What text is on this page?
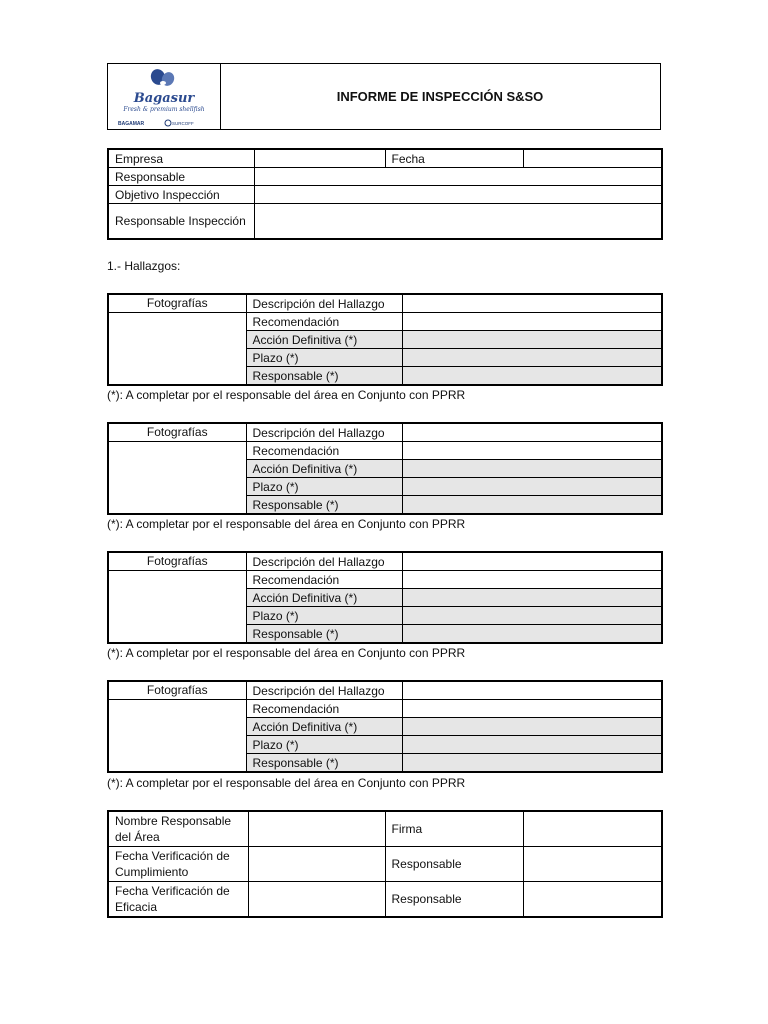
Bagasur
Fresh & premium shellfish
BAGAMAR	SURCOFF
INFORME DE INSPECCIÓN S&SO
Empresa		Fecha	
Responsable			
Objetivo Inspección			
Responsable Inspección			
1.- Hallazgos:
Fotografías	Descripción del Hallazgo	
	Recomendación	
	Acción Definitiva (*)	
	Plazo (*)	
	Responsable (*)	
(*): A completar por el responsable del área en Conjunto con PPRR
Fotografías	Descripción del Hallazgo	
	Recomendación	
	Acción Definitiva (*)	
	Plazo (*)	
	Responsable (*)	
(*): A completar por el responsable del área en Conjunto con PPRR
Fotografías	Descripción del Hallazgo	
	Recomendación	
	Acción Definitiva (*)	
	Plazo (*)	
	Responsable (*)	
(*): A completar por el responsable del área en Conjunto con PPRR
Fotografías	Descripción del Hallazgo	
	Recomendación	
	Acción Definitiva (*)	
	Plazo (*)	
	Responsable (*)	
(*): A completar por el responsable del área en Conjunto con PPRR
Nombre Responsable del Área		Firma	
Fecha Verificación de Cumplimiento		Responsable	
Fecha Verificación de Eficacia		Responsable	
